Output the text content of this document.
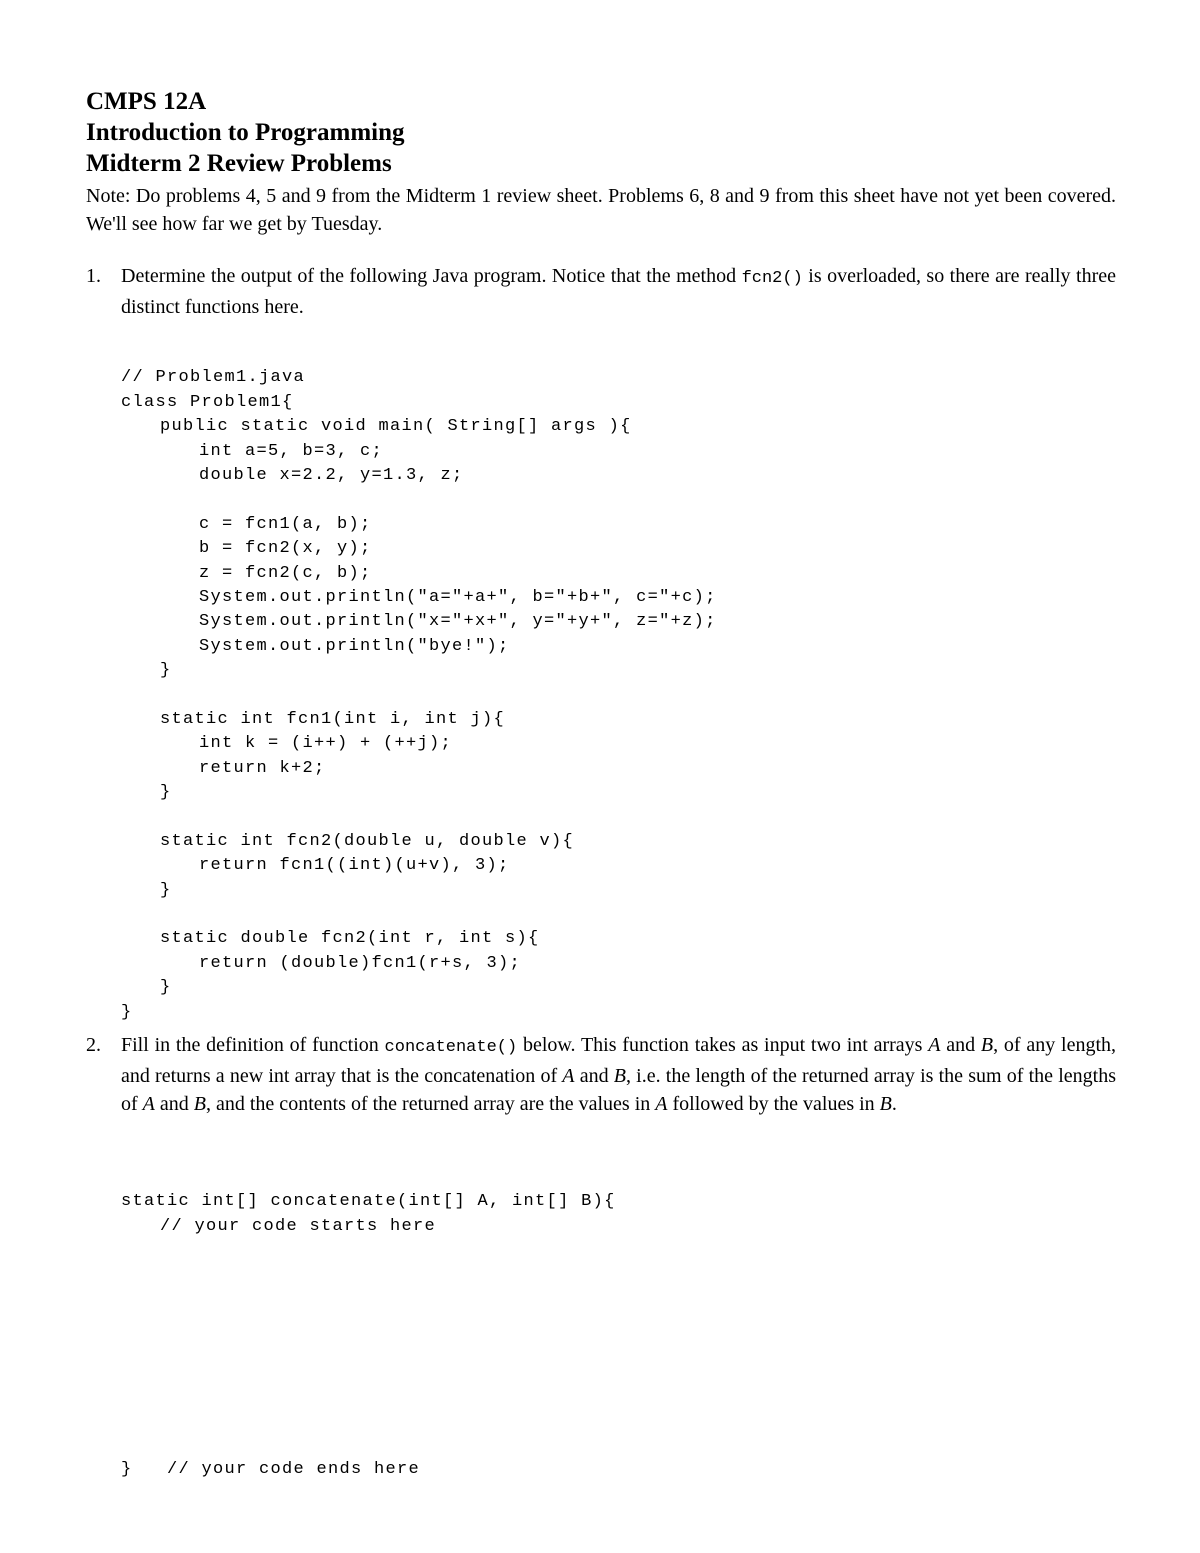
CMPS 12A
Introduction to Programming
Midterm 2 Review Problems
Note: Do problems 4, 5 and 9 from the Midterm 1 review sheet. Problems 6, 8 and 9 from this sheet have not yet been covered. We'll see how far we get by Tuesday.
1. Determine the output of the following Java program. Notice that the method fcn2() is overloaded, so there are really three distinct functions here.

// Problem1.java
class Problem1{
public static void main( String[] args ){
int a=5, b=3, c;
double x=2.2, y=1.3, z;
c = fcn1(a, b);
b = fcn2(x, y);
z = fcn2(c, b);
System.out.println("a="+a+", b="+b+", c="+c);
System.out.println("x="+x+", y="+y+", z="+z);
System.out.println("bye!");
}
static int fcn1(int i, int j){
int k = (i++) + (++j);
return k+2;
}
static int fcn2(double u, double v){
return fcn1((int)(u+v), 3);
}
static double fcn2(int r, int s){
return (double)fcn1(r+s, 3);
}
}
2. Fill in the definition of function concatenate() below. This function takes as input two int arrays A and B, of any length, and returns a new int array that is the concatenation of A and B, i.e. the length of the returned array is the sum of the lengths of A and B, and the contents of the returned array are the values in A followed by the values in B.

static int[] concatenate(int[] A, int[] B){
// your code starts here

}   // your code ends here
